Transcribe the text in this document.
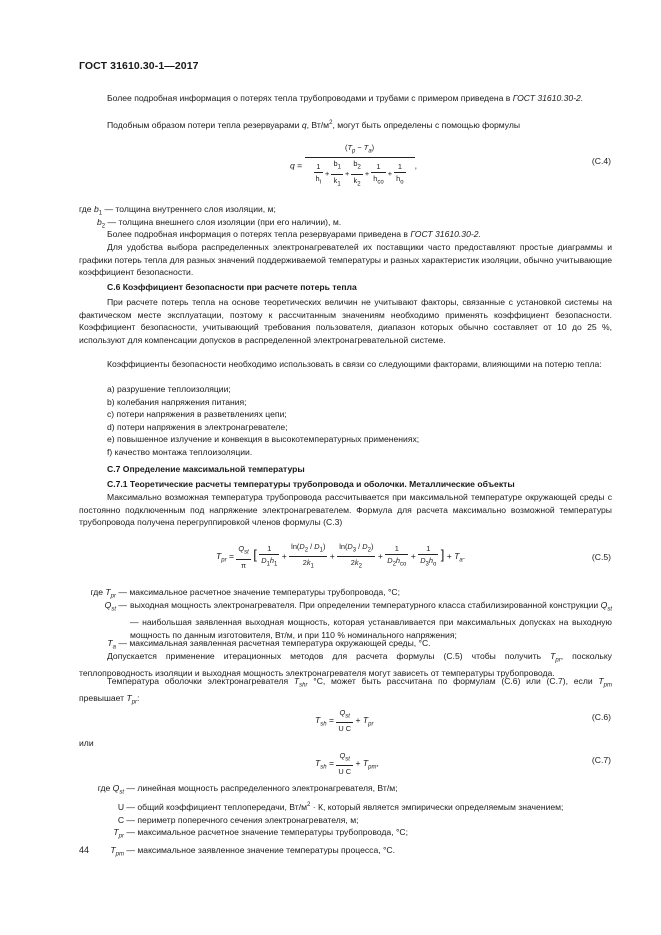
ГОСТ 31610.30-1—2017
Более подробная информация о потерях тепла трубопроводами и трубами с примером приведена в ГОСТ 31610.30-2.
Подобным образом потери тепла резервуарами q, $Вт/м^2$, могут быть определены с помощью формулы
q =
$(T_p - T_a)$
$\frac{1}{h_i} + \frac{b_1}{k_1} + \frac{b_2}{k_2} + \frac{1}{h_{co}} + \frac{1}{h_o}$ ,	(С.4)
где $b_1$ — толщина внутреннего слоя изоляции, м;
$b_2$ — толщина внешнего слоя изоляции (при его наличии), м.
Более подробная информация о потерях тепла резервуарами приведена в ГОСТ 31610.30-2.
Для удобства выбора распределенных электронагревателей их поставщики часто предоставляют простые диаграммы и графики потерь тепла для разных значений поддерживаемой температуры и разных характеристик изоляции, обычно учитывающие коэффициент безопасности.
С.6 Коэффициент безопасности при расчете потерь тепла
При расчете потерь тепла на основе теоретических величин не учитывают факторы, связанные с установкой системы на фактическом месте эксплуатации, поэтому к рассчитанным значениям необходимо применять коэффициент безопасности. Коэффициент безопасности, учитывающий требования пользователя, диапазон которых обычно составляет от 10 до 25 %, используют для компенсации допусков в распределенной электронагревательной системе.
Коэффициенты безопасности необходимо использовать в связи со следующими факторами, влияющими на потерю тепла:
a) разрушение теплоизоляции;
b) колебания напряжения питания;
c) потери напряжения в разветвлениях цепи;
d) потери напряжения в электронагревателе;
e) повышенное излучение и конвекция в высокотемпературных применениях;
f) качество монтажа теплоизоляции.
С.7 Определение максимальной температуры
С.7.1 Теоретические расчеты температуры трубопровода и оболочки. Металлические объекты
Максимально возможная температура трубопровода рассчитывается при максимальной температуре окружающей среды с постоянно подключенным под напряжение электронагревателем. Формула для расчета максимально возможной температуры трубопровода получена перегруппировкой членов формулы (С.3)
$T_{pr} = \frac{Q_{st}}{\pi}$ [ $\frac{1}{D_1h_1} + \frac{\ln(D_2 / D_1)}{2k_1} + \frac{\ln(D_3 / D_2)}{2k_2} + \frac{1}{D_2h_{co}} + \frac{1}{D_3h_o}$ ] + $T_a$.	(С.5)
где $T_{pr}$ — максимальное расчетное значение температуры трубопровода, °С;
$Q_{st}$ — выходная мощность электронагревателя. При определении температурного класса стабилизированной конструкции $Q_{st}$ — наибольшая заявленная выходная мощность, которая устанавливается при максимальных допусках на выходную мощность по данным изготовителя, Вт/м, и при 110 % номинального напряжения;
$T_a$ — максимальная заявленная расчетная температура окружающей среды, °С.
Допускается применение итерационных методов для расчета формулы (С.5) чтобы получить $T_{pr}$, поскольку теплопроводность изоляции и выходная мощность электронагревателя могут зависеть от температуры трубопровода.
Температура оболочки электронагревателя $T_{shr}$ °С, может быть рассчитана по формулам (С.6) или (С.7), если $T_{pm}$ превышает $T_{pr}$:
$T_{sh} = \frac{Q_{st}}{\text{U C}} + T_{pr}$
(С.6)
или
$T_{sh} = \frac{Q_{st}}{\text{U C}} + T_{pm}$,	(С.7)
где $Q_{st}$ — линейная мощность распределенного электронагревателя, Вт/м;
U — общий коэффициент теплопередачи, $Вт/м^2 \cdot К$, который является эмпирически определяемым значением;
C — периметр поперечного сечения электронагревателя, м;
$T_{pr}$ — максимальное расчетное значение температуры трубопровода, °С;
$T_{pm}$ — максимальное заявленное значение температуры процесса, °С.
44
